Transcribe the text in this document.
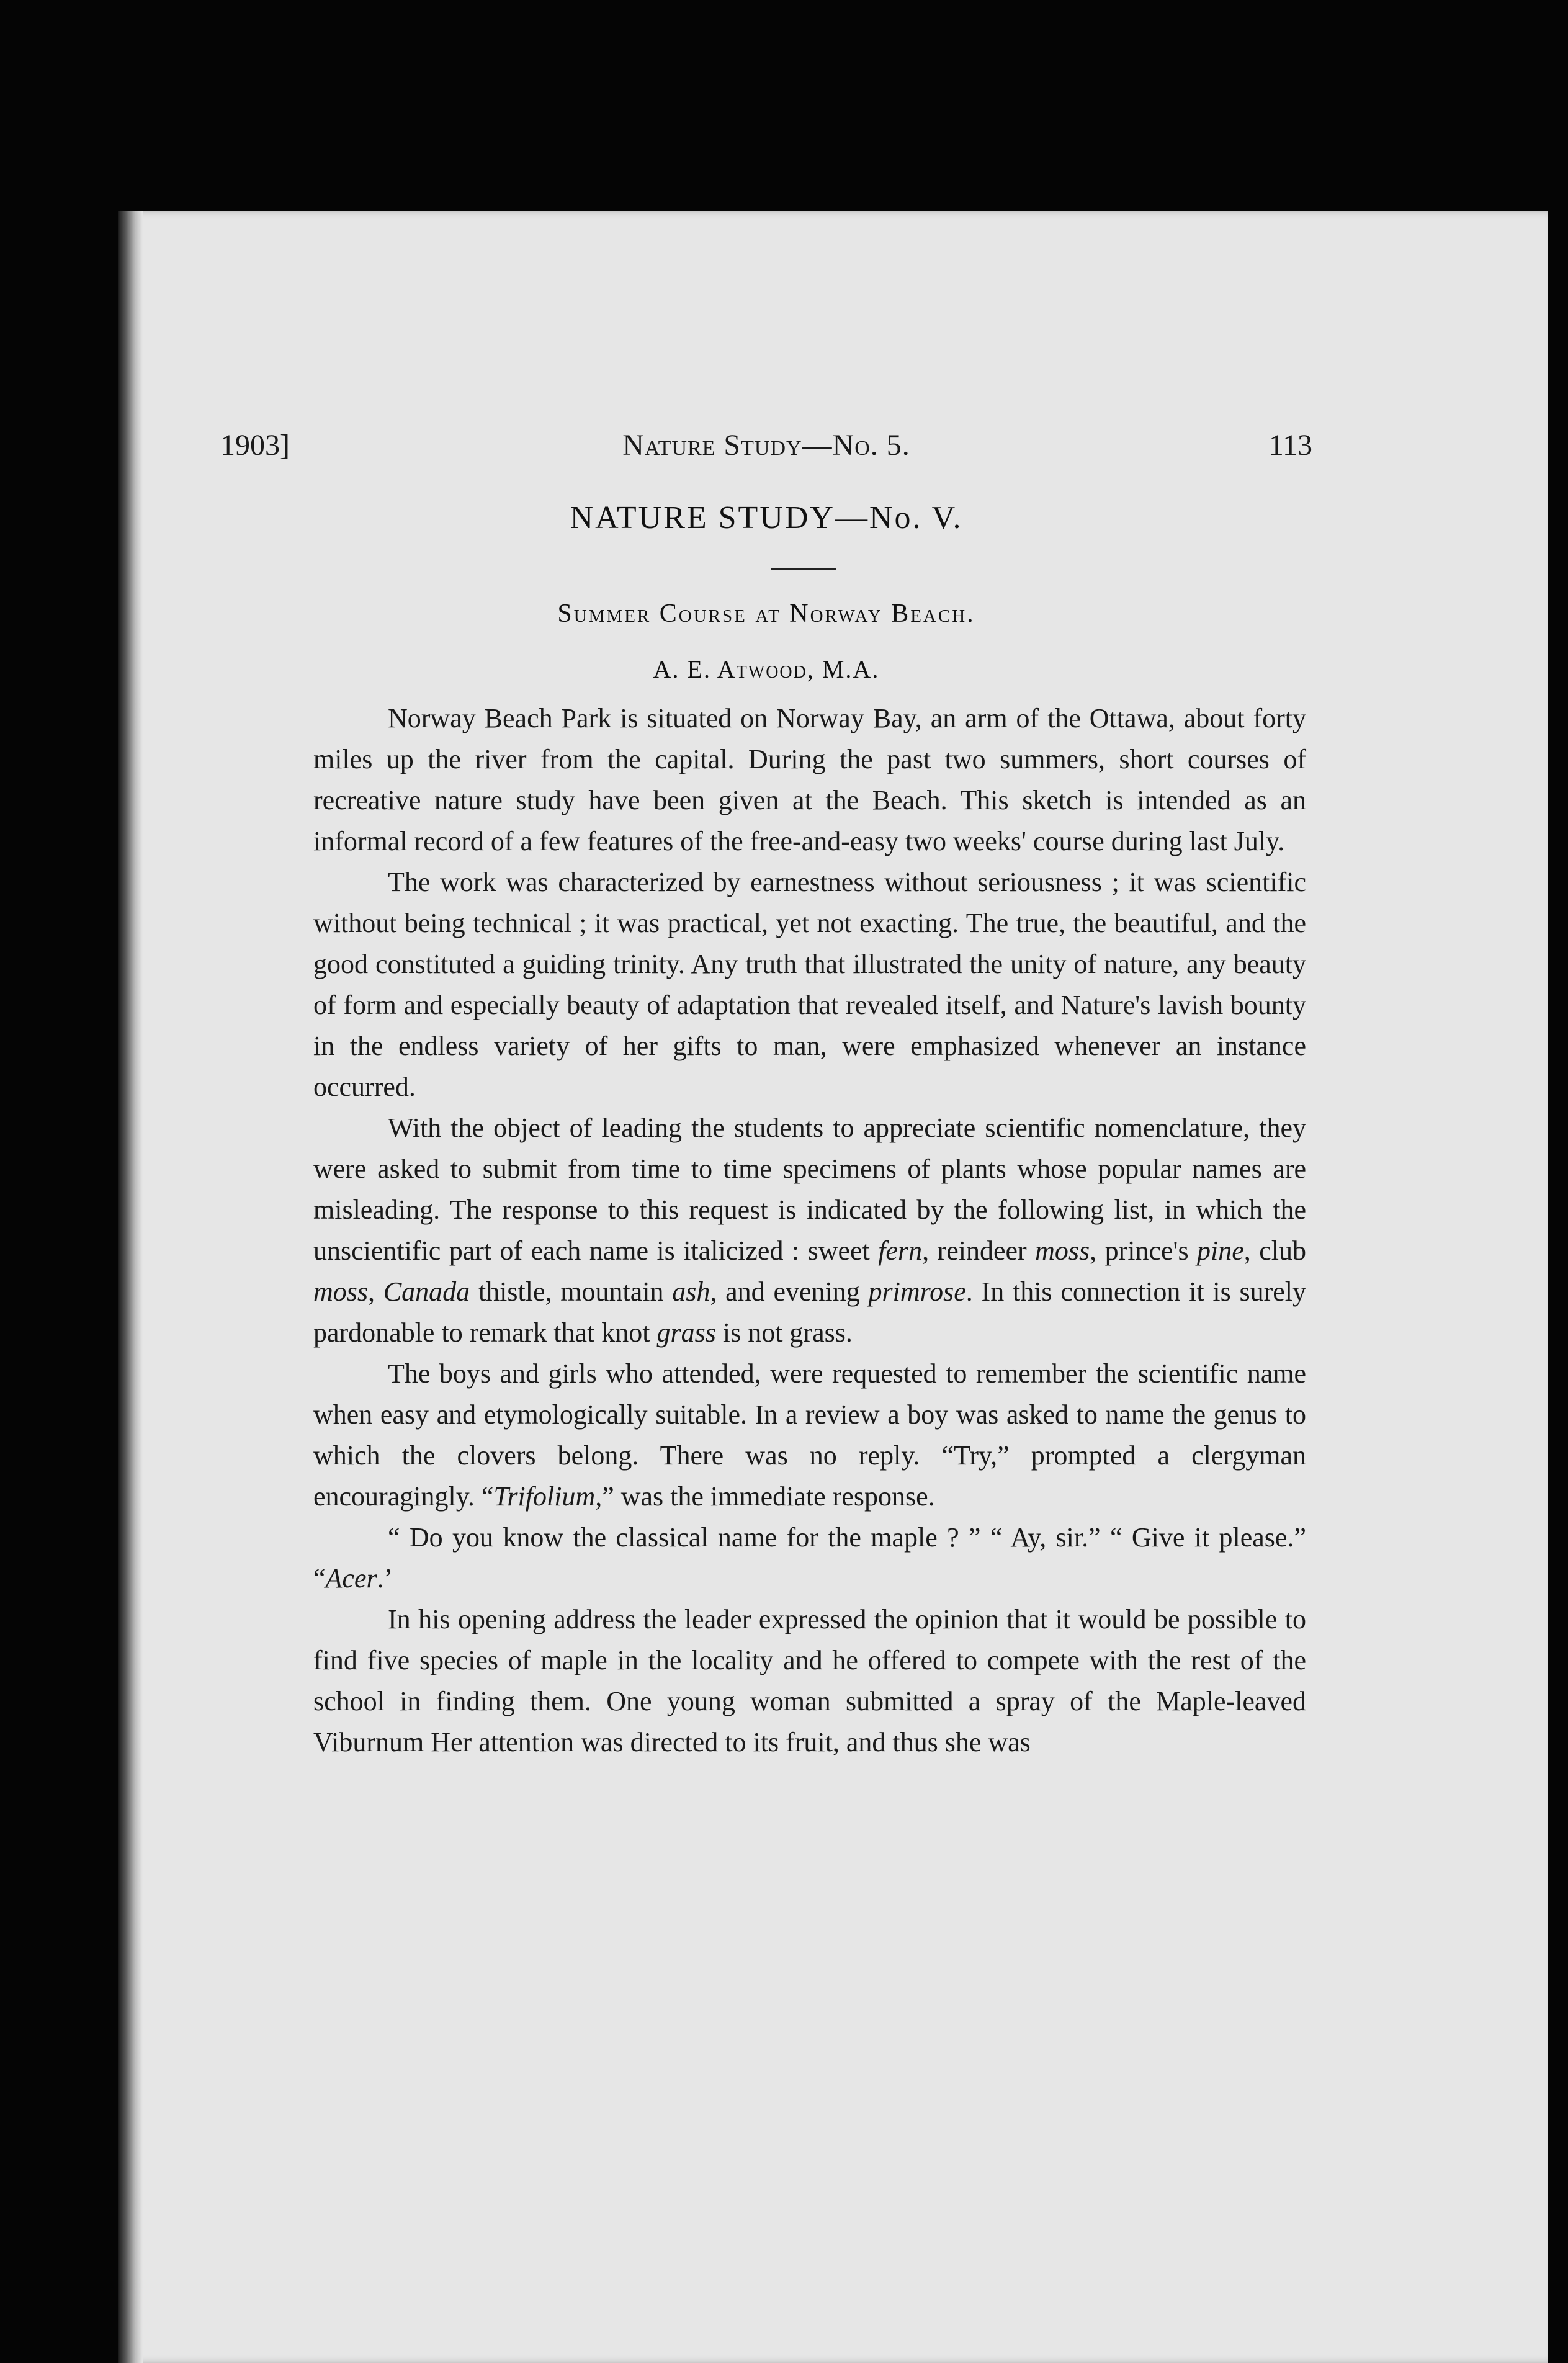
1903]	Nature Study—No. 5.	113
NATURE STUDY—No. V.
Summer Course at Norway Beach.
A. E. Atwood, M.A.

Norway Beach Park is situated on Norway Bay, an arm of the Ottawa, about forty miles up the river from the capital. During the past two summers, short courses of recreative nature study have been given at the Beach. This sketch is intended as an informal record of a few features of the free-and-easy two weeks' course during last July.

The work was characterized by earnestness without seriousness ; it was scientific without being technical ; it was practical, yet not exacting. The true, the beautiful, and the good constituted a guiding trinity. Any truth that illustrated the unity of nature, any beauty of form and especially beauty of adaptation that revealed itself, and Nature's lavish bounty in the endless variety of her gifts to man, were emphasized whenever an instance occurred.

With the object of leading the students to appreciate scientific nomenclature, they were asked to submit from time to time specimens of plants whose popular names are misleading. The response to this request is indicated by the following list, in which the unscientific part of each name is italicized : sweet fern, reindeer moss, prince's pine, club moss, Canada thistle, mountain ash, and evening primrose. In this connection it is surely pardonable to remark that knot grass is not grass.

The boys and girls who attended, were requested to remember the scientific name when easy and etymologically suitable. In a review a boy was asked to name the genus to which the clovers belong. There was no reply. “Try,” prompted a clergyman encouragingly. “Trifolium,” was the immediate response.

“ Do you know the classical name for the maple ? ” “ Ay, sir.” “ Give it please.” “Acer.’

In his opening address the leader expressed the opinion that it would be possible to find five species of maple in the locality and he offered to compete with the rest of the school in finding them. One young woman submitted a spray of the Maple-leaved Viburnum Her attention was directed to its fruit, and thus she was
